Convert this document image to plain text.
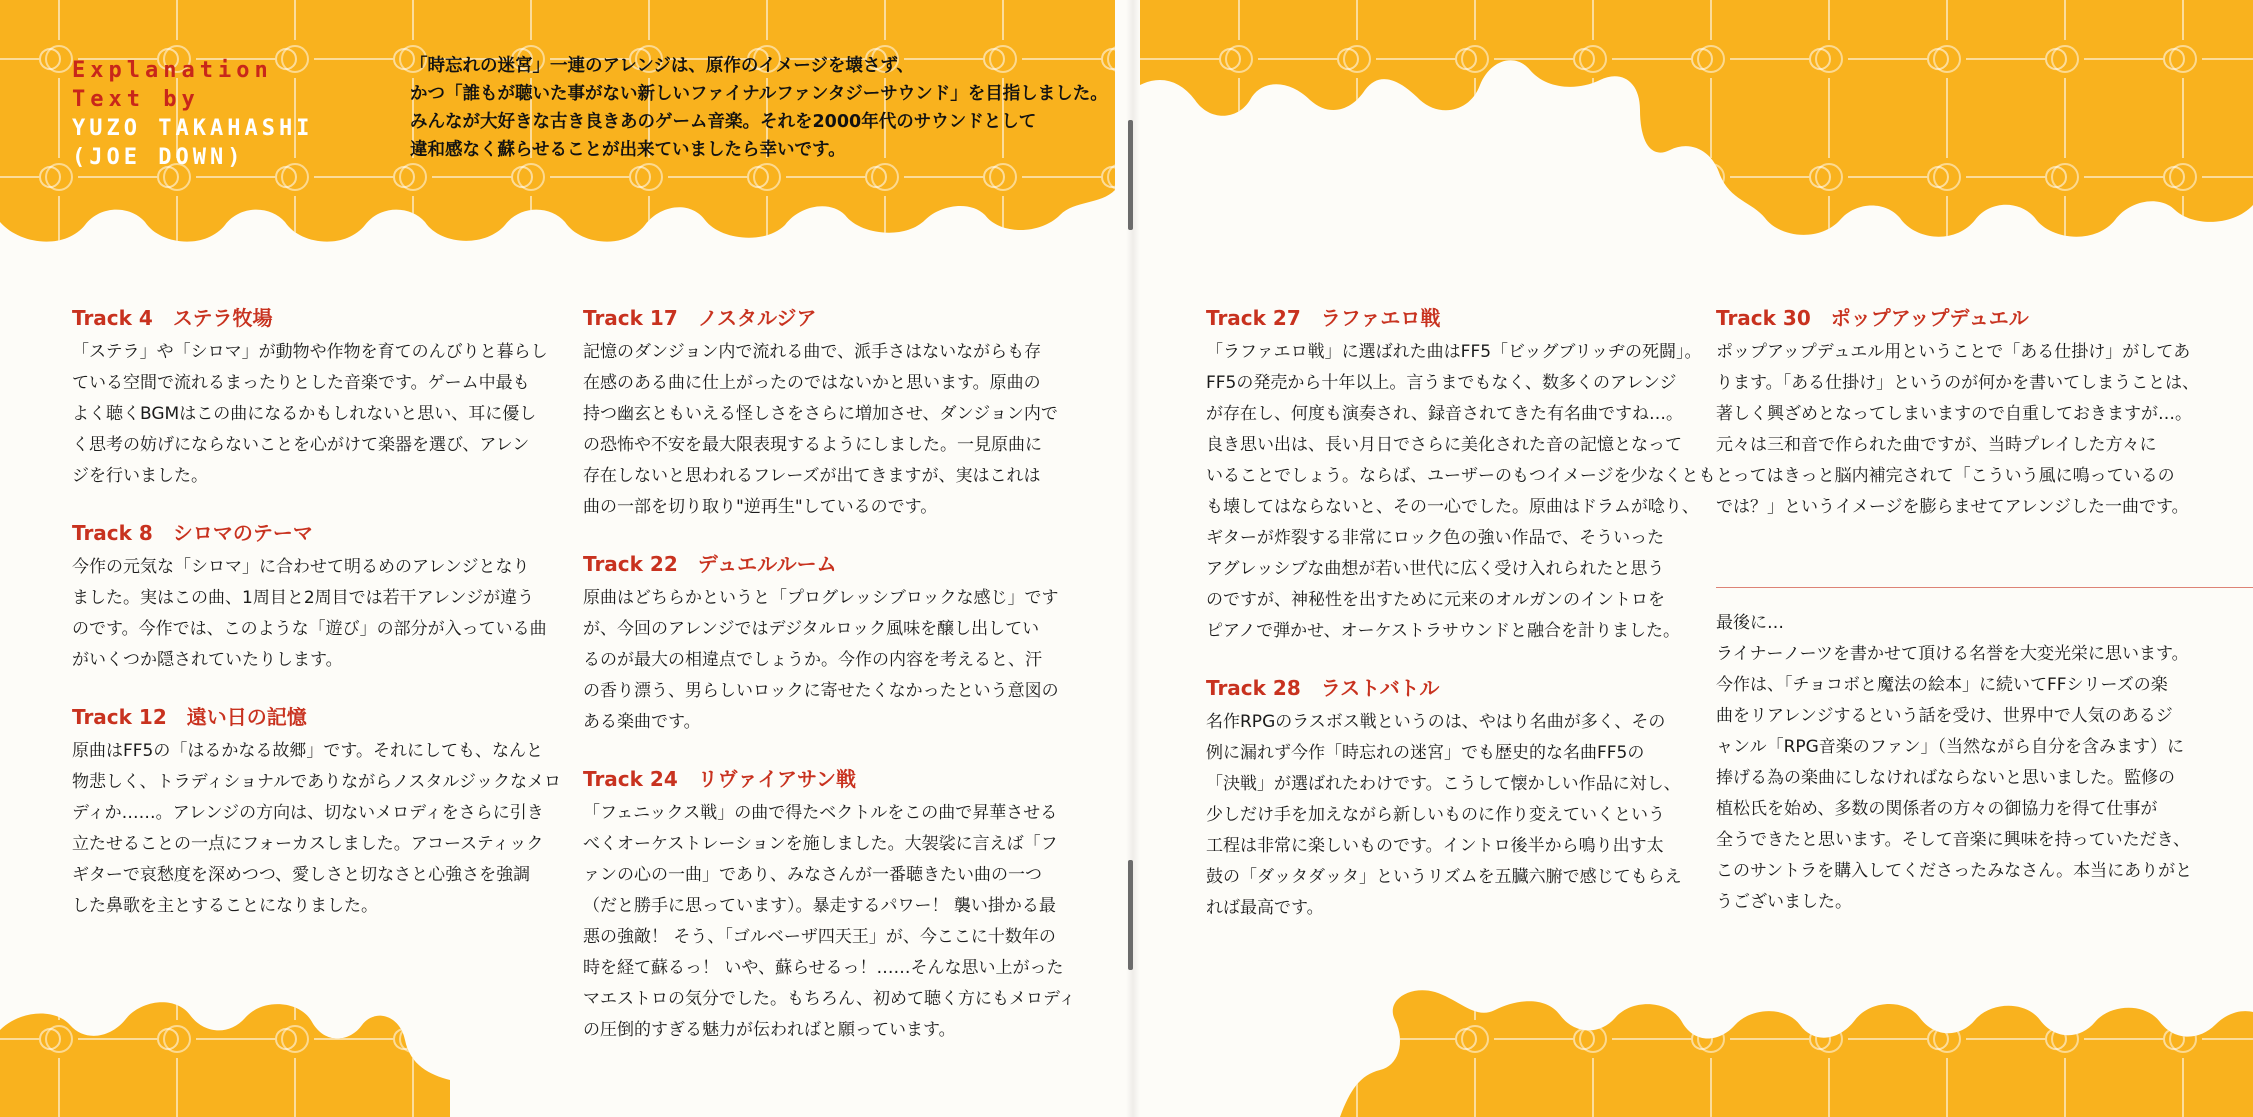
Explanation
Text by
YUZO TAKAHASHI
(JOE DOWN)

「時忘れの迷宮」一連のアレンジは、原作のイメージを壊さず、

かつ「誰もが聴いた事がない新しいファイナルファンタジーサウンド」を目指しました。

みんなが大好きな古き良きあのゲーム音楽。それを2000年代のサウンドとして

違和感なく蘇らせることが出来ていましたら幸いです。

Track 4　ステラ牧場

「ステラ」や「シロマ」が動物や作物を育てのんびりと暮らし

ている空間で流れるまったりとした音楽です。ゲーム中最も

よく聴くBGMはこの曲になるかもしれないと思い、耳に優し

く思考の妨げにならないことを心がけて楽器を選び、アレン

ジを行いました。

Track 8　シロマのテーマ

今作の元気な「シロマ」に合わせて明るめのアレンジとなり

ました。実はこの曲、1周目と2周目では若干アレンジが違う

のです。今作では、このような「遊び」の部分が入っている曲

がいくつか隠されていたりします。

Track 12　遠い日の記憶

原曲はFF5の「はるかなる故郷」です。それにしても、なんと

物悲しく、トラディショナルでありながらノスタルジックなメロ

ディか……。アレンジの方向は、切ないメロディをさらに引き

立たせることの一点にフォーカスしました。アコースティック

ギターで哀愁度を深めつつ、愛しさと切なさと心強さを強調

した鼻歌を主とすることになりました。

Track 17　ノスタルジア

記憶のダンジョン内で流れる曲で、派手さはないながらも存

在感のある曲に仕上がったのではないかと思います。原曲の

持つ幽玄ともいえる怪しさをさらに増加させ、ダンジョン内で

の恐怖や不安を最大限表現するようにしました。一見原曲に

存在しないと思われるフレーズが出てきますが、実はこれは

曲の一部を切り取り"逆再生"しているのです。

Track 22　デュエルルーム

原曲はどちらかというと「プログレッシブロックな感じ」です

が、今回のアレンジではデジタルロック風味を醸し出してい

るのが最大の相違点でしょうか。今作の内容を考えると、汗

の香り漂う、男らしいロックに寄せたくなかったという意図の

ある楽曲です。

Track 24　リヴァイアサン戦

「フェニックス戦」の曲で得たベクトルをこの曲で昇華させる

べくオーケストレーションを施しました。大袈裟に言えば「フ

ァンの心の一曲」であり、みなさんが一番聴きたい曲の一つ

（だと勝手に思っています）。暴走するパワー！ 襲い掛かる最

悪の強敵！ そう、「ゴルベーザ四天王」が、今ここに十数年の

時を経て蘇るっ！ いや、蘇らせるっ！……そんな思い上がった

マエストロの気分でした。もちろん、初めて聴く方にもメロディ

の圧倒的すぎる魅力が伝わればと願っています。

Track 27　ラファエロ戦

「ラファエロ戦」に選ばれた曲はFF5「ビッグブリッヂの死闘」。

FF5の発売から十年以上。言うまでもなく、数多くのアレンジ

が存在し、何度も演奏され、録音されてきた有名曲ですね…。

良き思い出は、長い月日でさらに美化された音の記憶となって

いることでしょう。ならば、ユーザーのもつイメージを少なくとも

も壊してはならないと、その一心でした。原曲はドラムが唸り、

ギターが炸裂する非常にロック色の強い作品で、そういった

アグレッシブな曲想が若い世代に広く受け入れられたと思う

のですが、神秘性を出すために元来のオルガンのイントロを

ピアノで弾かせ、オーケストラサウンドと融合を計りました。

Track 28　ラストバトル

名作RPGのラスボス戦というのは、やはり名曲が多く、その

例に漏れず今作「時忘れの迷宮」でも歴史的な名曲FF5の

「決戦」が選ばれたわけです。こうして懐かしい作品に対し、

少しだけ手を加えながら新しいものに作り変えていくという

工程は非常に楽しいものです。イントロ後半から鳴り出す太

鼓の「ダッタダッタ」というリズムを五臓六腑で感じてもらえ

れば最高です。

Track 30　ポップアップデュエル

ポップアップデュエル用ということで「ある仕掛け」がしてあ

ります。「ある仕掛け」というのが何かを書いてしまうことは、

著しく興ざめとなってしまいますので自重しておきますが…。

元々は三和音で作られた曲ですが、当時プレイした方々に

とってはきっと脳内補完されて「こういう風に鳴っているの

では？」というイメージを膨らませてアレンジした一曲です。

最後に…

ライナーノーツを書かせて頂ける名誉を大変光栄に思います。

今作は、「チョコボと魔法の絵本」に続いてFFシリーズの楽

曲をリアレンジするという話を受け、世界中で人気のあるジ

ャンル「RPG音楽のファン」（当然ながら自分を含みます）に

捧げる為の楽曲にしなければならないと思いました。監修の

植松氏を始め、多数の関係者の方々の御協力を得て仕事が

全うできたと思います。そして音楽に興味を持っていただき、

このサントラを購入してくださったみなさん。本当にありがと

うございました。
